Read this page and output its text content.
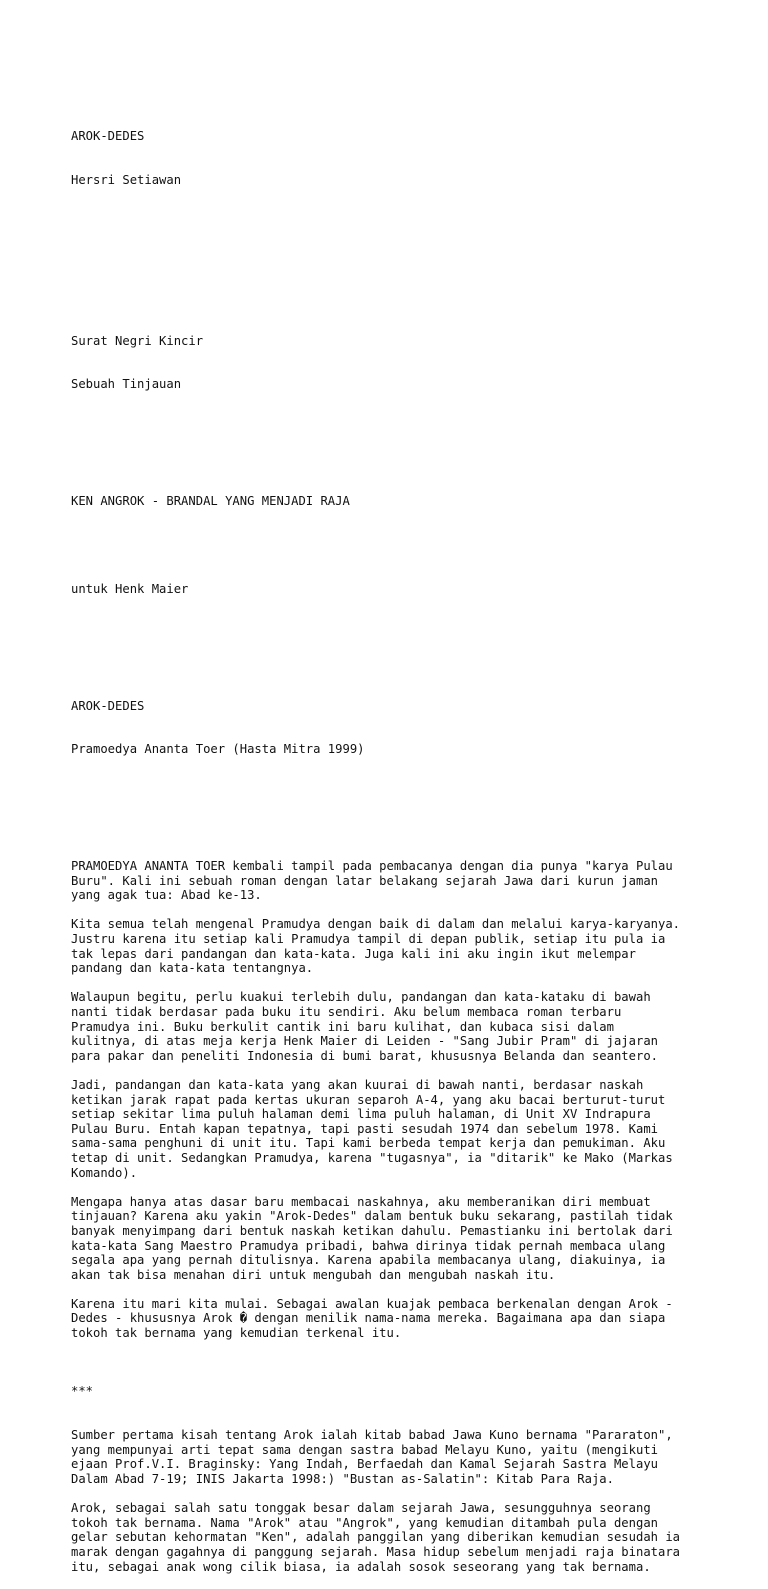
AROK-DEDES

Hersri Setiawan

Surat Negri Kincir

Sebuah Tinjauan

KEN ANGROK - BRANDAL YANG MENJADI RAJA

untuk Henk Maier

AROK-DEDES

Pramoedya Ananta Toer (Hasta Mitra 1999)

PRAMOEDYA ANANTA TOER kembali tampil pada pembacanya dengan dia punya "karya Pulau
Buru". Kali ini sebuah roman dengan latar belakang sejarah Jawa dari kurun jaman
yang agak tua: Abad ke-13.
Kita semua telah mengenal Pramudya dengan baik di dalam dan melalui karya-karyanya.
Justru karena itu setiap kali Pramudya tampil di depan publik, setiap itu pula ia
tak lepas dari pandangan dan kata-kata. Juga kali ini aku ingin ikut melempar
pandang dan kata-kata tentangnya.
Walaupun begitu, perlu kuakui terlebih dulu, pandangan dan kata-kataku di bawah
nanti tidak berdasar pada buku itu sendiri. Aku belum membaca roman terbaru
Pramudya ini. Buku berkulit cantik ini baru kulihat, dan kubaca sisi dalam
kulitnya, di atas meja kerja Henk Maier di Leiden - "Sang Jubir Pram" di jajaran
para pakar dan peneliti Indonesia di bumi barat, khususnya Belanda dan seantero.
Jadi, pandangan dan kata-kata yang akan kuurai di bawah nanti, berdasar naskah
ketikan jarak rapat pada kertas ukuran separoh A-4, yang aku bacai berturut-turut
setiap sekitar lima puluh halaman demi lima puluh halaman, di Unit XV Indrapura
Pulau Buru. Entah kapan tepatnya, tapi pasti sesudah 1974 dan sebelum 1978. Kami
sama-sama penghuni di unit itu. Tapi kami berbeda tempat kerja dan pemukiman. Aku
tetap di unit. Sedangkan Pramudya, karena "tugasnya", ia "ditarik" ke Mako (Markas
Komando).
Mengapa hanya atas dasar baru membacai naskahnya, aku memberanikan diri membuat
tinjauan? Karena aku yakin "Arok-Dedes" dalam bentuk buku sekarang, pastilah tidak
banyak menyimpang dari bentuk naskah ketikan dahulu. Pemastianku ini bertolak dari
kata-kata Sang Maestro Pramudya pribadi, bahwa dirinya tidak pernah membaca ulang
segala apa yang pernah ditulisnya. Karena apabila membacanya ulang, diakuinya, ia
akan tak bisa menahan diri untuk mengubah dan mengubah naskah itu.
Karena itu mari kita mulai. Sebagai awalan kuajak pembaca berkenalan dengan Arok -
Dedes - khususnya Arok � dengan menilik nama-nama mereka. Bagaimana apa dan siapa
tokoh tak bernama yang kemudian terkenal itu.

***

Sumber pertama kisah tentang Arok ialah kitab babad Jawa Kuno bernama "Pararaton",
yang mempunyai arti tepat sama dengan sastra babad Melayu Kuno, yaitu (mengikuti
ejaan Prof.V.I. Braginsky: Yang Indah, Berfaedah dan Kamal Sejarah Sastra Melayu
Dalam Abad 7-19; INIS Jakarta 1998:) "Bustan as-Salatin": Kitab Para Raja.
Arok, sebagai salah satu tonggak besar dalam sejarah Jawa, sesungguhnya seorang
tokoh tak bernama. Nama "Arok" atau "Angrok", yang kemudian ditambah pula dengan
gelar sebutan kehormatan "Ken", adalah panggilan yang diberikan kemudian sesudah ia
marak dengan gagahnya di panggung sejarah. Masa hidup sebelum menjadi raja binatara
itu, sebagai anak wong cilik biasa, ia adalah sosok seseorang yang tak bernama.
